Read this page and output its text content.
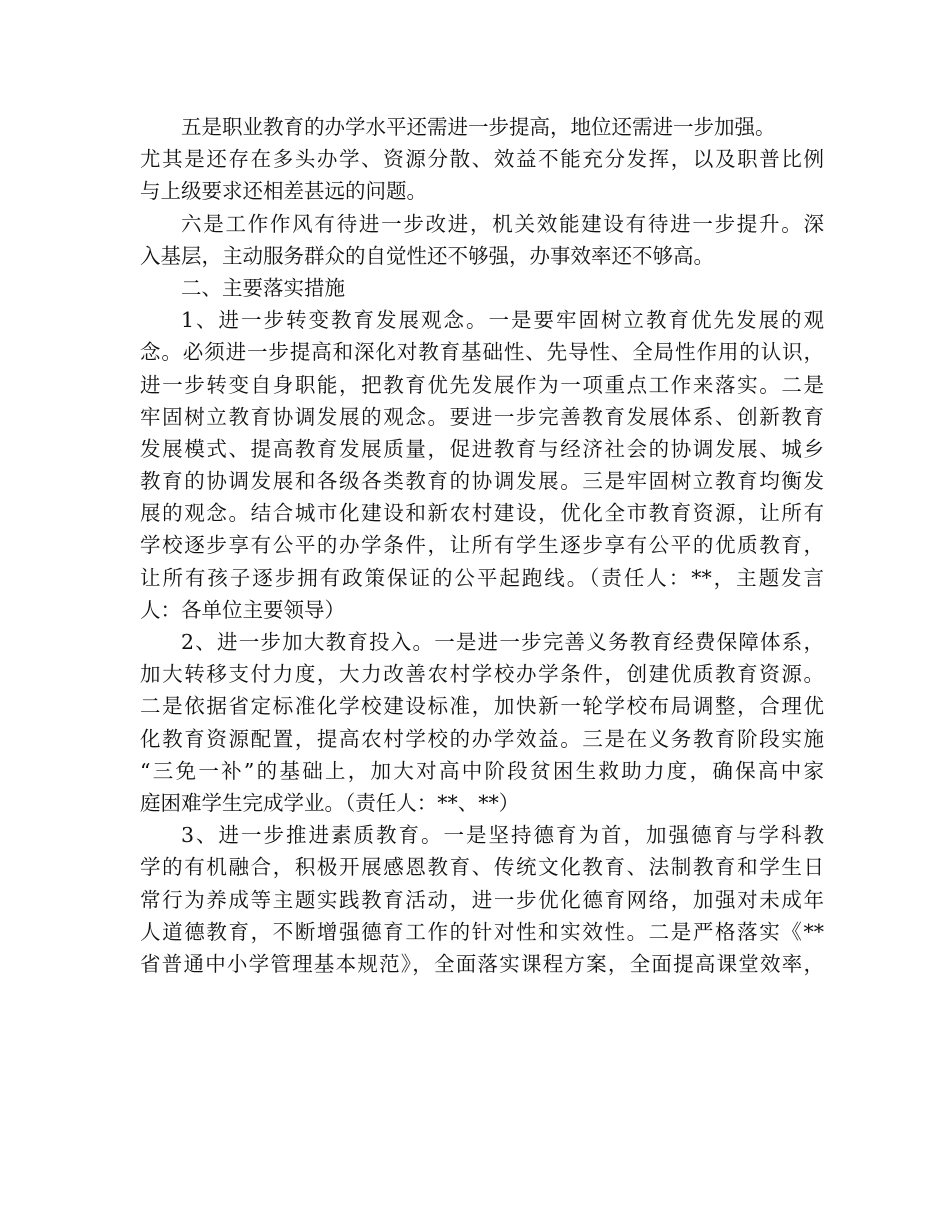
五是职业教育的办学水平还需进一步提高，地位还需进一步加强。
尤其是还存在多头办学、资源分散、效益不能充分发挥，以及职普比例
与上级要求还相差甚远的问题。
六是工作作风有待进一步改进，机关效能建设有待进一步提升。深
入基层，主动服务群众的自觉性还不够强，办事效率还不够高。
二、主要落实措施
1、进一步转变教育发展观念。一是要牢固树立教育优先发展的观
念。必须进一步提高和深化对教育基础性、先导性、全局性作用的认识，
进一步转变自身职能，把教育优先发展作为一项重点工作来落实。二是
牢固树立教育协调发展的观念。要进一步完善教育发展体系、创新教育
发展模式、提高教育发展质量，促进教育与经济社会的协调发展、城乡
教育的协调发展和各级各类教育的协调发展。三是牢固树立教育均衡发
展的观念。结合城市化建设和新农村建设，优化全市教育资源，让所有
学校逐步享有公平的办学条件，让所有学生逐步享有公平的优质教育，
让所有孩子逐步拥有政策保证的公平起跑线。（责任人：**，主题发言
人：各单位主要领导）
2、进一步加大教育投入。一是进一步完善义务教育经费保障体系，
加大转移支付力度，大力改善农村学校办学条件，创建优质教育资源。
二是依据省定标准化学校建设标准，加快新一轮学校布局调整，合理优
化教育资源配置，提高农村学校的办学效益。三是在义务教育阶段实施
“三免一补”的基础上，加大对高中阶段贫困生救助力度，确保高中家
庭困难学生完成学业。（责任人：**、**）
3、进一步推进素质教育。一是坚持德育为首，加强德育与学科教
学的有机融合，积极开展感恩教育、传统文化教育、法制教育和学生日
常行为养成等主题实践教育活动，进一步优化德育网络，加强对未成年
人道德教育，不断增强德育工作的针对性和实效性。二是严格落实《**
省普通中小学管理基本规范》，全面落实课程方案，全面提高课堂效率，
